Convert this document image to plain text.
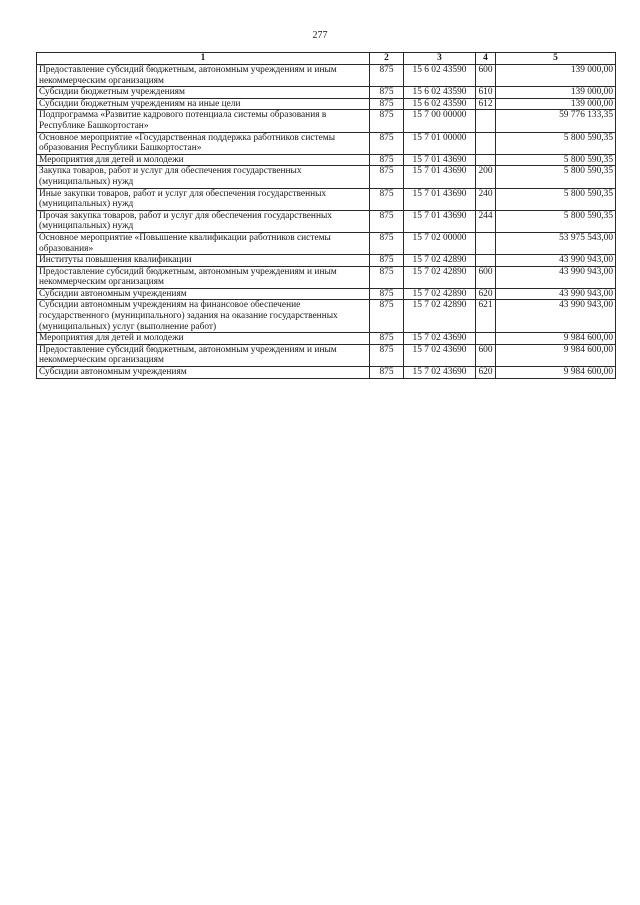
277
1	2	3	4	5
Предоставление субсидий бюджетным, автономным учреждениям и иным некоммерческим организациям	875	15 6 02 43590	600	139 000,00
Субсидии бюджетным учреждениям	875	15 6 02 43590	610	139 000,00
Субсидии бюджетным учреждениям на иные цели	875	15 6 02 43590	612	139 000,00
Подпрограмма «Развитие кадрового потенциала системы образования в Республике Башкортостан»	875	15 7 00 00000		59 776 133,35
Основное мероприятие «Государственная поддержка работников системы образования Республики Башкортостан»	875	15 7 01 00000		5 800 590,35
Мероприятия для детей и молодежи	875	15 7 01 43690		5 800 590,35
Закупка товаров, работ и услуг для обеспечения государственных (муниципальных) нужд	875	15 7 01 43690	200	5 800 590,35
Иные закупки товаров, работ и услуг для обеспечения государственных (муниципальных) нужд	875	15 7 01 43690	240	5 800 590,35
Прочая закупка товаров, работ и услуг для обеспечения государственных (муниципальных) нужд	875	15 7 01 43690	244	5 800 590,35
Основное мероприятие «Повышение квалификации работников системы образования»	875	15 7 02 00000		53 975 543,00
Институты повышения квалификации	875	15 7 02 42890		43 990 943,00
Предоставление субсидий бюджетным, автономным учреждениям и иным некоммерческим организациям	875	15 7 02 42890	600	43 990 943,00
Субсидии автономным учреждениям	875	15 7 02 42890	620	43 990 943,00
Субсидии автономным учреждениям на финансовое обеспечение государственного (муниципального) задания на оказание государственных (муниципальных) услуг (выполнение работ)	875	15 7 02 42890	621	43 990 943,00
Мероприятия для детей и молодежи	875	15 7 02 43690		9 984 600,00
Предоставление субсидий бюджетным, автономным учреждениям и иным некоммерческим организациям	875	15 7 02 43690	600	9 984 600,00
Субсидии автономным учреждениям	875	15 7 02 43690	620	9 984 600,00
